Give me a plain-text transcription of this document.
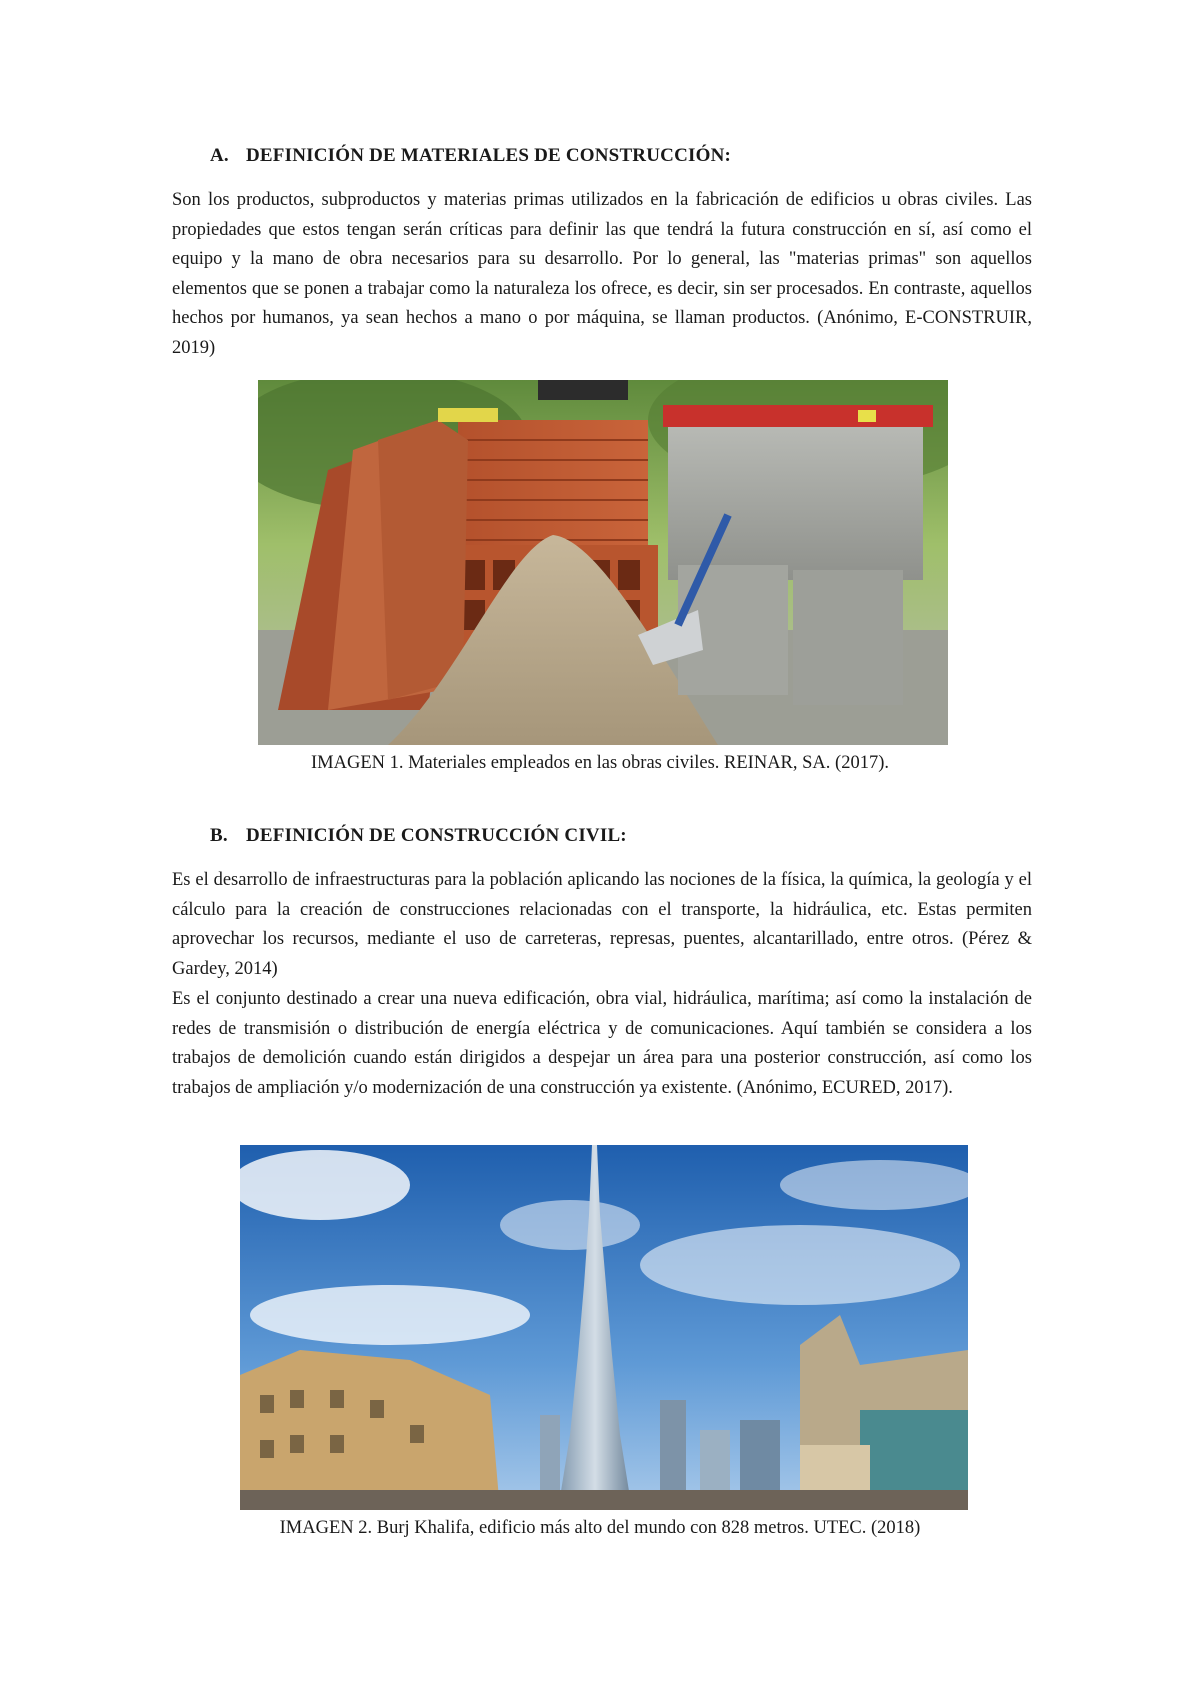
A. DEFINICIÓN DE MATERIALES DE CONSTRUCCIÓN:

Son los productos, subproductos y materias primas utilizados en la fabricación de edificios u obras civiles. Las propiedades que estos tengan serán críticas para definir las que tendrá la futura construcción en sí, así como el equipo y la mano de obra necesarios para su desarrollo. Por lo general, las "materias primas" son aquellos elementos que se ponen a trabajar como la naturaleza los ofrece, es decir, sin ser procesados. En contraste, aquellos hechos por humanos, ya sean hechos a mano o por máquina, se llaman productos. (Anónimo, E-CONSTRUIR, 2019)

IMAGEN 1. Materiales empleados en las obras civiles. REINAR, SA. (2017).

B. DEFINICIÓN DE CONSTRUCCIÓN CIVIL:

Es el desarrollo de infraestructuras para la población aplicando las nociones de la física, la química, la geología y el cálculo para la creación de construcciones relacionadas con el transporte, la hidráulica, etc. Estas permiten aprovechar los recursos, mediante el uso de carreteras, represas, puentes, alcantarillado, entre otros. (Pérez & Gardey, 2014)

Es el conjunto destinado a crear una nueva edificación, obra vial, hidráulica, marítima; así como la instalación de redes de transmisión o distribución de energía eléctrica y de comunicaciones. Aquí también se considera a los trabajos de demolición cuando están dirigidos a despejar un área para una posterior construcción, así como los trabajos de ampliación y/o modernización de una construcción ya existente. (Anónimo, ECURED, 2017).

IMAGEN 2. Burj Khalifa, edificio más alto del mundo con 828 metros. UTEC. (2018)
